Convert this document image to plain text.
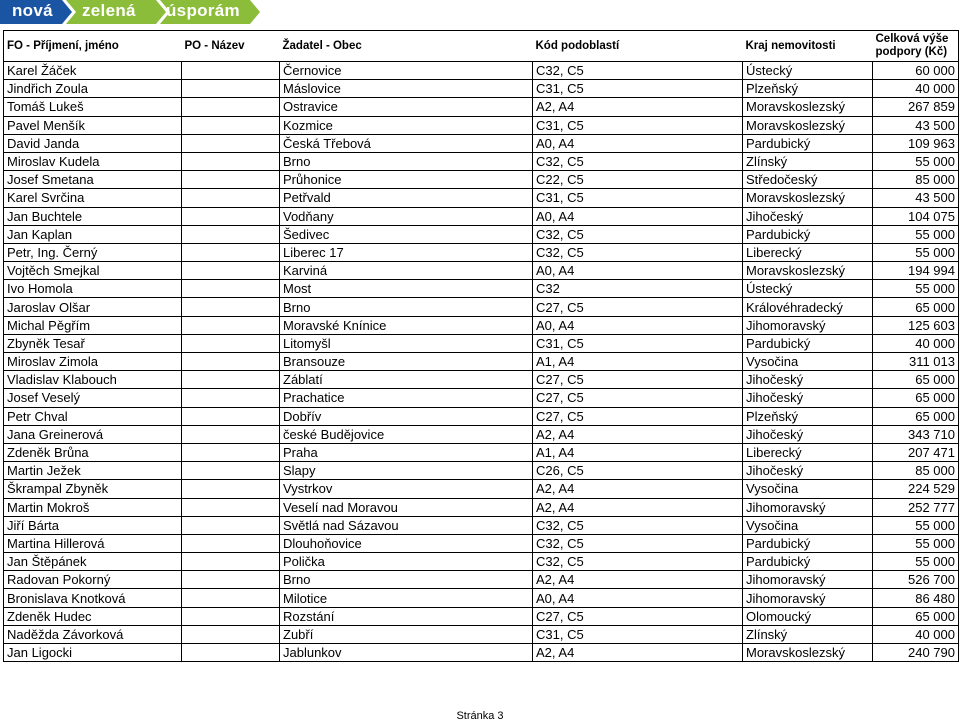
nová zelená úsporám
FO - Příjmení, jméno	PO - Název	Žadatel - Obec	Kód podoblastí	Kraj nemovitosti	Celková výše podpory (Kč)
Karel Žáček		Černovice	C32, C5	Ústecký	60 000
Jindřich Zoula		Máslovice	C31, C5	Plzeňský	40 000
Tomáš Lukeš		Ostravice	A2, A4	Moravskoslezský	267 859
Pavel Menšík		Kozmice	C31, C5	Moravskoslezský	43 500
David Janda		Česká Třebová	A0, A4	Pardubický	109 963
Miroslav Kudela		Brno	C32, C5	Zlínský	55 000
Josef Smetana		Průhonice	C22, C5	Středočeský	85 000
Karel Svrčina		Petřvald	C31, C5	Moravskoslezský	43 500
Jan Buchtele		Vodňany	A0, A4	Jihočeský	104 075
Jan Kaplan		Šedivec	C32, C5	Pardubický	55 000
Petr, Ing. Černý		Liberec 17	C32, C5	Liberecký	55 000
Vojtěch Smejkal		Karviná	A0, A4	Moravskoslezský	194 994
Ivo Homola		Most	C32	Ústecký	55 000
Jaroslav Olšar		Brno	C27, C5	Královéhradecký	65 000
Michal Pěgřím		Moravské Knínice	A0, A4	Jihomoravský	125 603
Zbyněk Tesař		Litomyšl	C31, C5	Pardubický	40 000
Miroslav Zimola		Bransouze	A1, A4	Vysočina	311 013
Vladislav Klabouch		Záblatí	C27, C5	Jihočeský	65 000
Josef Veselý		Prachatice	C27, C5	Jihočeský	65 000
Petr Chval		Dobřív	C27, C5	Plzeňský	65 000
Jana Greinerová		české Budějovice	A2, A4	Jihočeský	343 710
Zdeněk Brůna		Praha	A1, A4	Liberecký	207 471
Martin Ježek		Slapy	C26, C5	Jihočeský	85 000
Škrampal Zbyněk		Vystrkov	A2, A4	Vysočina	224 529
Martin Mokroš		Veselí nad Moravou	A2, A4	Jihomoravský	252 777
Jiří Bárta		Světlá nad Sázavou	C32, C5	Vysočina	55 000
Martina Hillerová		Dlouhoňovice	C32, C5	Pardubický	55 000
Jan Štěpánek		Polička	C32, C5	Pardubický	55 000
Radovan Pokorný		Brno	A2, A4	Jihomoravský	526 700
Bronislava Knotková		Milotice	A0, A4	Jihomoravský	86 480
Zdeněk Hudec		Rozstání	C27, C5	Olomoucký	65 000
Naděžda Závorková		Zubří	C31, C5	Zlínský	40 000
Jan Ligocki		Jablunkov	A2, A4	Moravskoslezský	240 790
Stránka 3
